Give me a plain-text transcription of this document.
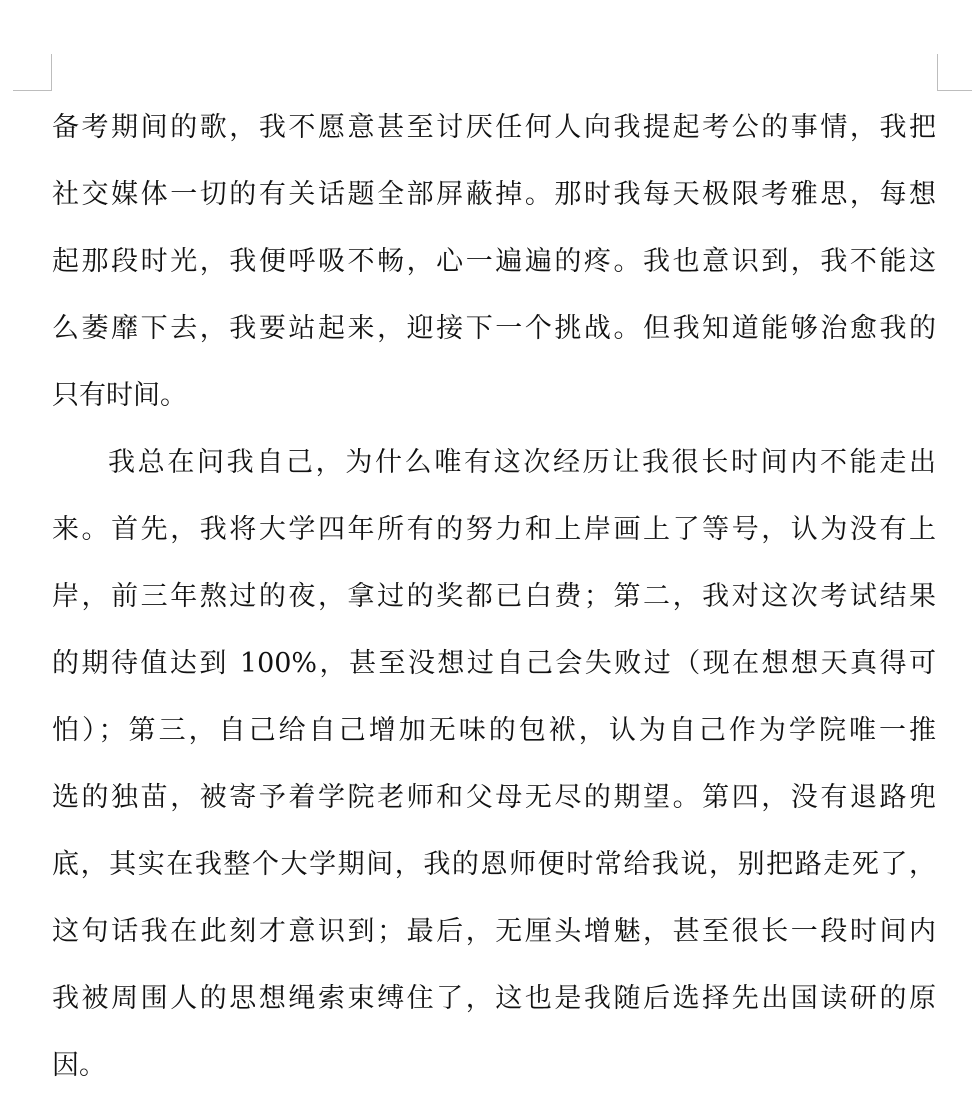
备考期间的歌，我不愿意甚至讨厌任何人向我提起考公的事情，我把
社交媒体一切的有关话题全部屏蔽掉。那时我每天极限考雅思，每想
起那段时光，我便呼吸不畅，心一遍遍的疼。我也意识到，我不能这
么萎靡下去，我要站起来，迎接下一个挑战。但我知道能够治愈我的
只有时间。
我总在问我自己，为什么唯有这次经历让我很长时间内不能走出
来。首先，我将大学四年所有的努力和上岸画上了等号，认为没有上
岸，前三年熬过的夜，拿过的奖都已白费；第二，我对这次考试结果
的期待值达到 100%，甚至没想过自己会失败过（现在想想天真得可
怕）；第三，自己给自己增加无味的包袱，认为自己作为学院唯一推
选的独苗，被寄予着学院老师和父母无尽的期望。第四，没有退路兜
底，其实在我整个大学期间，我的恩师便时常给我说，别把路走死了，
这句话我在此刻才意识到；最后，无厘头增魅，甚至很长一段时间内
我被周围人的思想绳索束缚住了，这也是我随后选择先出国读研的原
因。
